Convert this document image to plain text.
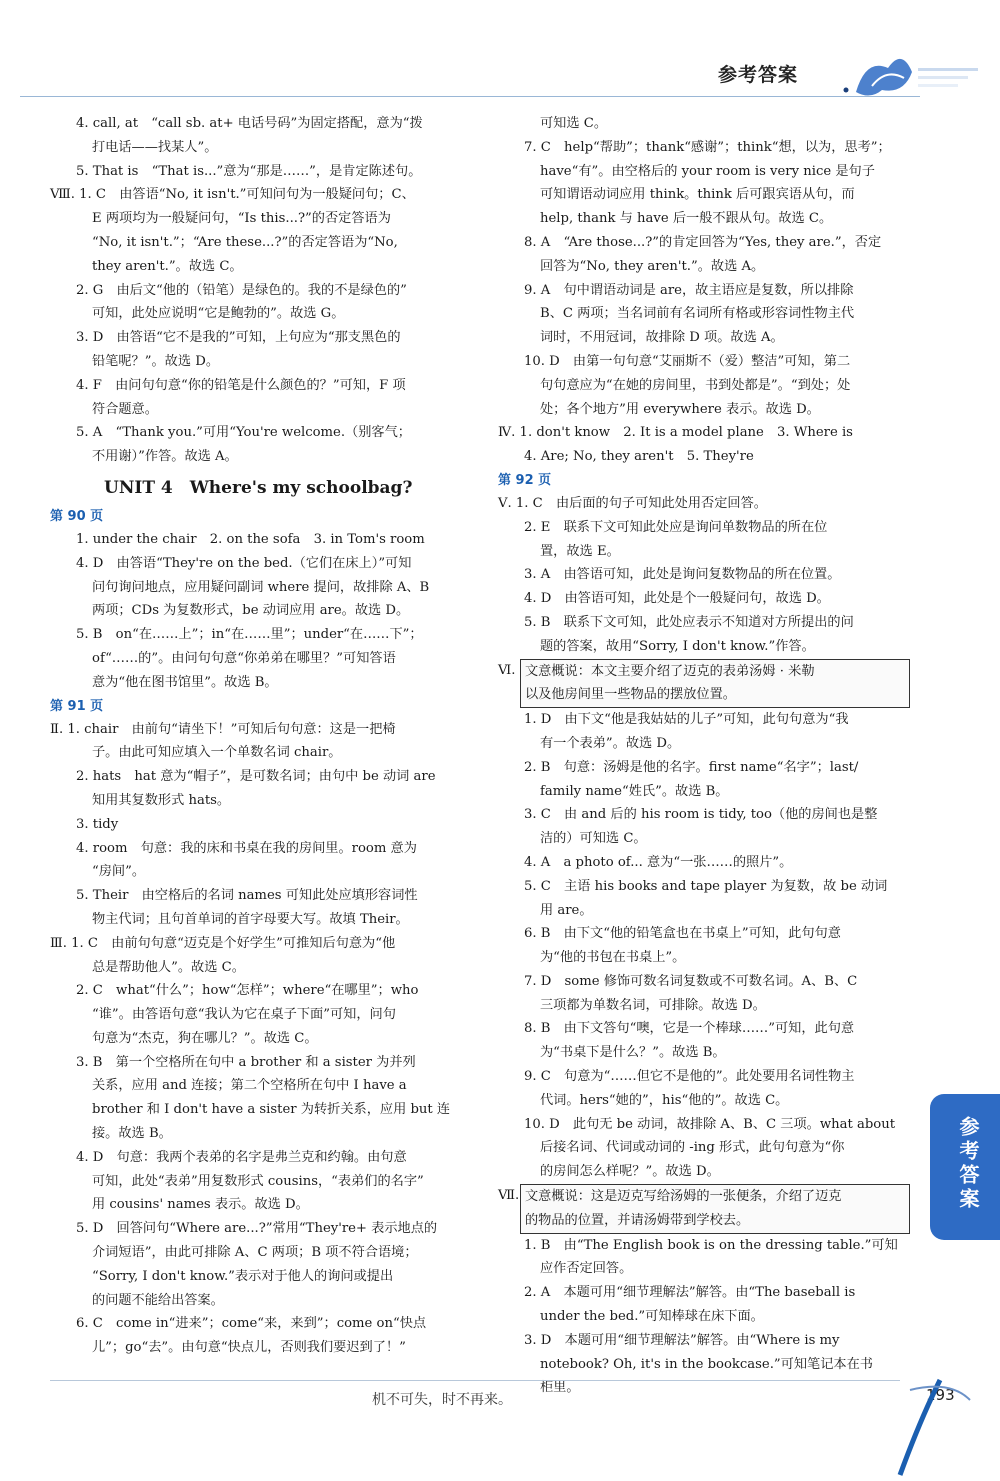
参考答案
4. call, at　“call sb. at+ 电话号码”为固定搭配，意为“拨
打电话——找某人”。
5. That is　“That is...”意为“那是……”，是肯定陈述句。
Ⅷ. 1. C　由答语“No, it isn't.”可知问句为一般疑问句；C、
E 两项均为一般疑问句，“Is this...?”的否定答语为
“No, it isn't.”；“Are these...?”的否定答语为“No,
they aren't.”。故选 C。
2. G　由后文“他的（铅笔）是绿色的。我的不是绿色的”
可知，此处应说明“它是鲍勃的”。故选 G。
3. D　由答语“它不是我的”可知，上句应为“那支黑色的
铅笔呢？”。故选 D。
4. F　由问句句意“你的铅笔是什么颜色的？”可知，F 项
符合题意。
5. A　“Thank you.”可用“You're welcome.（别客气；
不用谢）”作答。故选 A。
UNIT 4　Where's my schoolbag?
第 90 页
1. under the chair　2. on the sofa　3. in Tom's room
4. D　由答语“They're on the bed.（它们在床上）”可知
问句询问地点，应用疑问副词 where 提问，故排除 A、B
两项；CDs 为复数形式，be 动词应用 are。故选 D。
5. B　on“在……上”；in“在……里”；under“在……下”；
of“……的”。由问句句意“你弟弟在哪里？”可知答语
意为“他在图书馆里”。故选 B。
第 91 页
Ⅱ. 1. chair　由前句“请坐下！”可知后句句意：这是一把椅
子。由此可知应填入一个单数名词 chair。
2. hats　hat 意为“帽子”，是可数名词；由句中 be 动词 are
知用其复数形式 hats。
3. tidy
4. room　句意：我的床和书桌在我的房间里。room 意为
“房间”。
5. Their　由空格后的名词 names 可知此处应填形容词性
物主代词；且句首单词的首字母要大写。故填 Their。
Ⅲ. 1. C　由前句句意“迈克是个好学生”可推知后句意为“他
总是帮助他人”。故选 C。
2. C　what“什么”；how“怎样”；where“在哪里”；who
“谁”。由答语句意“我认为它在桌子下面”可知，问句
句意为“杰克，狗在哪儿？”。故选 C。
3. B　第一个空格所在句中 a brother 和 a sister 为并列
关系，应用 and 连接；第二个空格所在句中 I have a
brother 和 I don't have a sister 为转折关系，应用 but 连
接。故选 B。
4. D　句意：我两个表弟的名字是弗兰克和约翰。由句意
可知，此处“表弟”用复数形式 cousins，“表弟们的名字”
用 cousins' names 表示。故选 D。
5. D　回答问句“Where are...?”常用“They're+ 表示地点的
介词短语”，由此可排除 A、C 两项；B 项不符合语境；
“Sorry, I don't know.”表示对于他人的询问或提出
的问题不能给出答案。
6. C　come in“进来”；come“来，来到”；come on“快点
儿”；go“去”。由句意“快点儿，否则我们要迟到了！”
可知选 C。
7. C　help“帮助”；thank“感谢”；think“想，以为，思考”；
have“有”。由空格后的 your room is very nice 是句子
可知谓语动词应用 think。think 后可跟宾语从句，而
help, thank 与 have 后一般不跟从句。故选 C。
8. A　“Are those...?”的肯定回答为“Yes, they are.”，否定
回答为“No, they aren't.”。故选 A。
9. A　句中谓语动词是 are，故主语应是复数，所以排除
B、C 两项；当名词前有名词所有格或形容词性物主代
词时，不用冠词，故排除 D 项。故选 A。
10. D　由第一句句意“艾丽斯不（爱）整洁”可知，第二
句句意应为“在她的房间里，书到处都是”。“到处；处
处；各个地方”用 everywhere 表示。故选 D。
Ⅳ. 1. don't know　2. It is a model plane　3. Where is
4. Are; No, they aren't　5. They're
第 92 页
Ⅴ. 1. C　由后面的句子可知此处用否定回答。
2. E　联系下文可知此处应是询问单数物品的所在位
置，故选 E。
3. A　由答语可知，此处是询问复数物品的所在位置。
4. D　由答语可知，此处是个一般疑问句，故选 D。
5. B　联系下文可知，此处应表示不知道对方所提出的问
题的答案，故用“Sorry, I don't know.”作答。
Ⅵ. 文意概说：本文主要介绍了迈克的表弟汤姆 · 米勒
以及他房间里一些物品的摆放位置。
1. D　由下文“他是我姑姑的儿子”可知，此句句意为“我
有一个表弟”。故选 D。
2. B　句意：汤姆是他的名字。first name“名字”；last/
family name“姓氏”。故选 B。
3. C　由 and 后的 his room is tidy, too（他的房间也是整
洁的）可知选 C。
4. A　a photo of... 意为“一张……的照片”。
5. C　主语 his books and tape player 为复数，故 be 动词
用 are。
6. B　由下文“他的铅笔盒也在书桌上”可知，此句句意
为“他的书包在书桌上”。
7. D　some 修饰可数名词复数或不可数名词。A、B、C
三项都为单数名词，可排除。故选 D。
8. B　由下文答句“噢，它是一个棒球……”可知，此句意
为“书桌下是什么？”。故选 B。
9. C　句意为“……但它不是他的”。此处要用名词性物主
代词。hers“她的”，his“他的”。故选 C。
10. D　此句无 be 动词，故排除 A、B、C 三项。what about
后接名词、代词或动词的 -ing 形式，此句句意为“你
的房间怎么样呢？”。故选 D。
Ⅶ. 文意概说：这是迈克写给汤姆的一张便条，介绍了迈克
的物品的位置，并请汤姆带到学校去。
1. B　由“The English book is on the dressing table.”可知
应作否定回答。
2. A　本题可用“细节理解法”解答。由“The baseball is
under the bed.”可知棒球在床下面。
3. D　本题可用“细节理解法”解答。由“Where is my
notebook? Oh, it's in the bookcase.”可知笔记本在书
柜里。
参考答案
机不可失，时不再来。	193
